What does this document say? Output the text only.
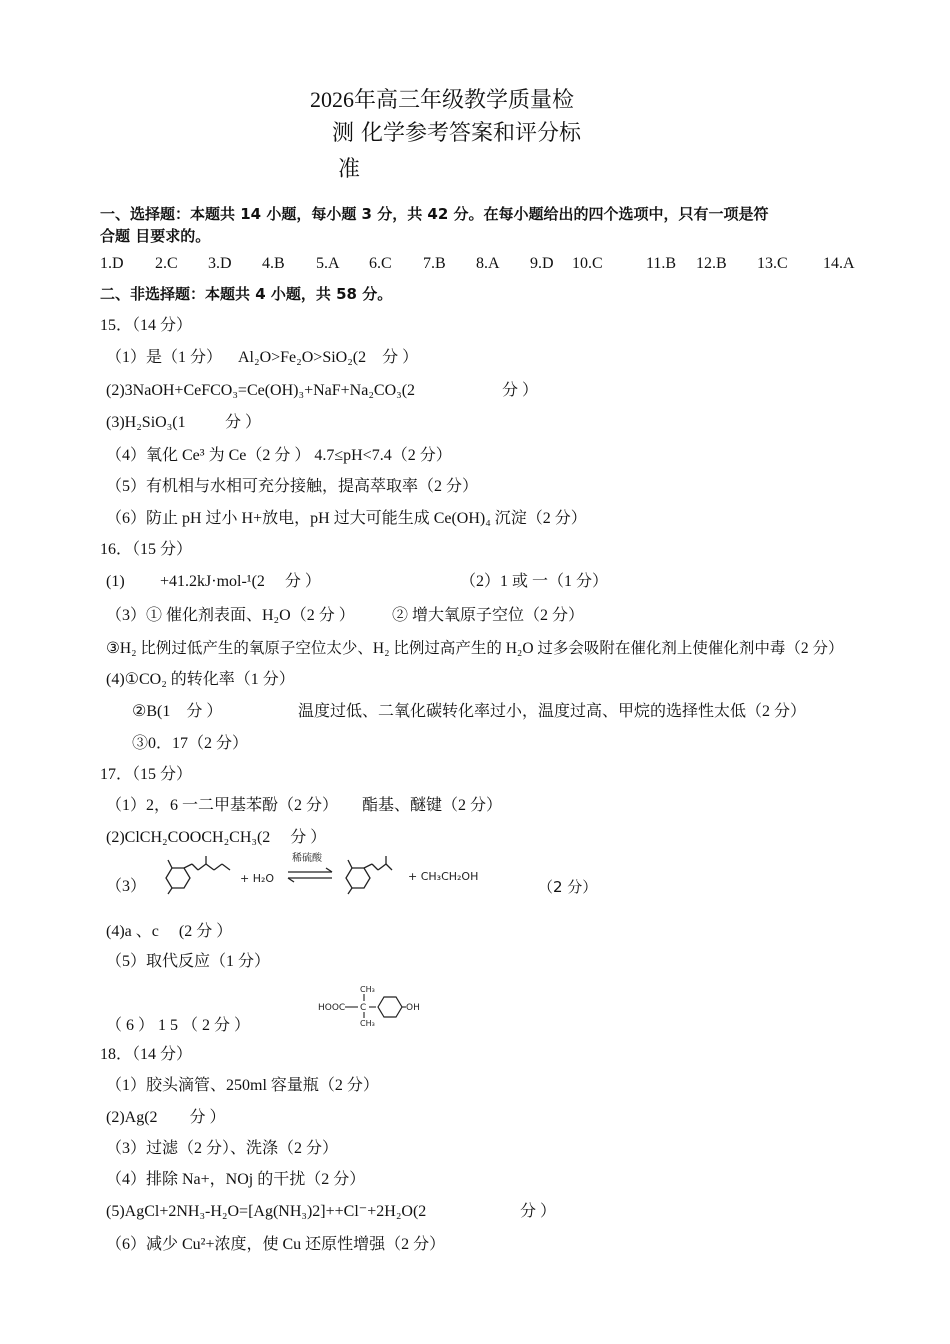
2026年高三年级教学质量检
测 化学参考答案和评分标
准
一、选择题：本题共 14 小题，每小题 3 分，共 42 分。在每小题给出的四个选项中，只有一项是符
合题 目要求的。
1.D 2.C 3.D 4.B 5.A 6.C 7.B 8.A 9.D 10.C	11.B 12.B 13.C 14.A
二、非选择题：本题共 4 小题，共 58 分。
15．（14 分）
（1）是（1 分） Al₂O>Fe₂O>SiO₂(2　分 ）
(2)3NaOH+CeFCO₃=Ce(OH)₃+NaF+Na₂CO₃(2	分 ）
(3)H₂SiO₃(1 分 ）
（4）氧化 Ce³ 为 Ce（2 分 ） 4.7≤pH<7.4（2 分）
（5）有机相与水相可充分接触，提高萃取率（2 分）
（6）防止 pH 过小 H+放电，pH 过大可能生成 Ce(OH)₄ 沉淀（2 分）
16．（15 分）
(1) +41.2kJ·mol-¹(2　 分 ）	（2）1 或 一（1 分）
（3）① 催化剂表面、H₂O（2 分 ） ② 增大氧原子空位（2 分）
③H₂ 比例过低产生的氧原子空位太少、H₂ 比例过高产生的 H₂O 过多会吸附在催化剂上使催化剂中毒（2 分）
(4)①CO₂ 的转化率（1 分）
②B(1　分 ）	温度过低、二氧化碳转化率过小，温度过高、甲烷的选择性太低（2 分）
③0．17（2 分）
17．（15 分）
（1）2，6 一二甲基苯酚（2 分） 酯基、醚键（2 分）
(2)ClCH₂COOCH₂CH₃(2　 分 ）
（3）	+ H₂O
稀硫酸
+ CH₃CH₂OH
（2 分）
(4)a 、c　 (2 分 ）
（5）取代反应（1 分）
HOOC C
CH₃
CH₃
OH
（ 6 ） 1 5 （ 2 分 ）
18．（14 分）
（1）胶头滴管、250ml 容量瓶（2 分）
(2)Ag(2　　分 ）
（3）过滤（2 分）、洗涤（2 分）
（4）排除 Na+，NOj 的干扰（2 分）
(5)AgCl+2NH₃-H₂O=[Ag(NH₃)2]++Cl⁻+2H₂O(2	分 ）
（6）减少 Cu²+浓度，使 Cu 还原性增强（2 分）
